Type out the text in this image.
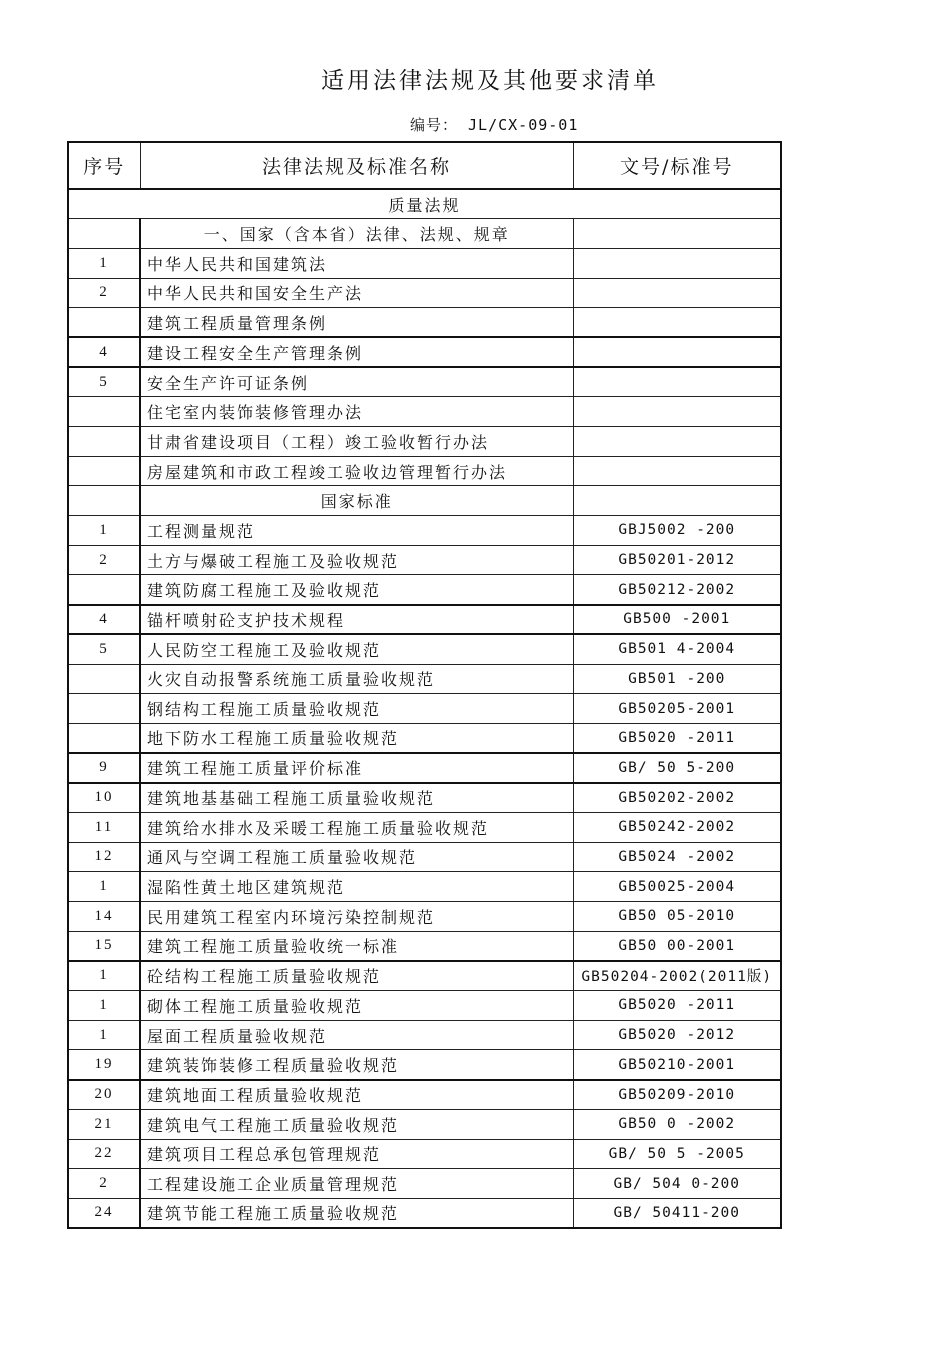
适用法律法规及其他要求清单
编号： JL/CX-09-01
序号	法律法规及标准名称	文号/标准号
质量法规		
	一、国家（含本省）法律、法规、规章	
1	中华人民共和国建筑法	
2	中华人民共和国安全生产法	
	建筑工程质量管理条例	
4	建设工程安全生产管理条例	
5	安全生产许可证条例	
	住宅室内装饰装修管理办法	
	甘肃省建设项目（工程）竣工验收暂行办法	
	房屋建筑和市政工程竣工验收边管理暂行办法	
	国家标准	
1	工程测量规范	GBJ5002 -200
2	土方与爆破工程施工及验收规范	GB50201-2012
	建筑防腐工程施工及验收规范	GB50212-2002
4	锚杆喷射砼支护技术规程	GB500 -2001
5	人民防空工程施工及验收规范	GB501 4-2004
	火灾自动报警系统施工质量验收规范	GB501 -200
	钢结构工程施工质量验收规范	GB50205-2001
	地下防水工程施工质量验收规范	GB5020 -2011
9	建筑工程施工质量评价标准	GB/ 50 5-200
10	建筑地基基础工程施工质量验收规范	GB50202-2002
11	建筑给水排水及采暖工程施工质量验收规范	GB50242-2002
12	通风与空调工程施工质量验收规范	GB5024 -2002
1	湿陷性黄土地区建筑规范	GB50025-2004
14	民用建筑工程室内环境污染控制规范	GB50 05-2010
15	建筑工程施工质量验收统一标准	GB50 00-2001
1	砼结构工程施工质量验收规范	GB50204-2002(2011版)
1	砌体工程施工质量验收规范	GB5020 -2011
1	屋面工程质量验收规范	GB5020 -2012
19	建筑装饰装修工程质量验收规范	GB50210-2001
20	建筑地面工程质量验收规范	GB50209-2010
21	建筑电气工程施工质量验收规范	GB50 0 -2002
22	建筑项目工程总承包管理规范	GB/ 50 5 -2005
2	工程建设施工企业质量管理规范	GB/ 504 0-200
24	建筑节能工程施工质量验收规范	GB/ 50411-200
